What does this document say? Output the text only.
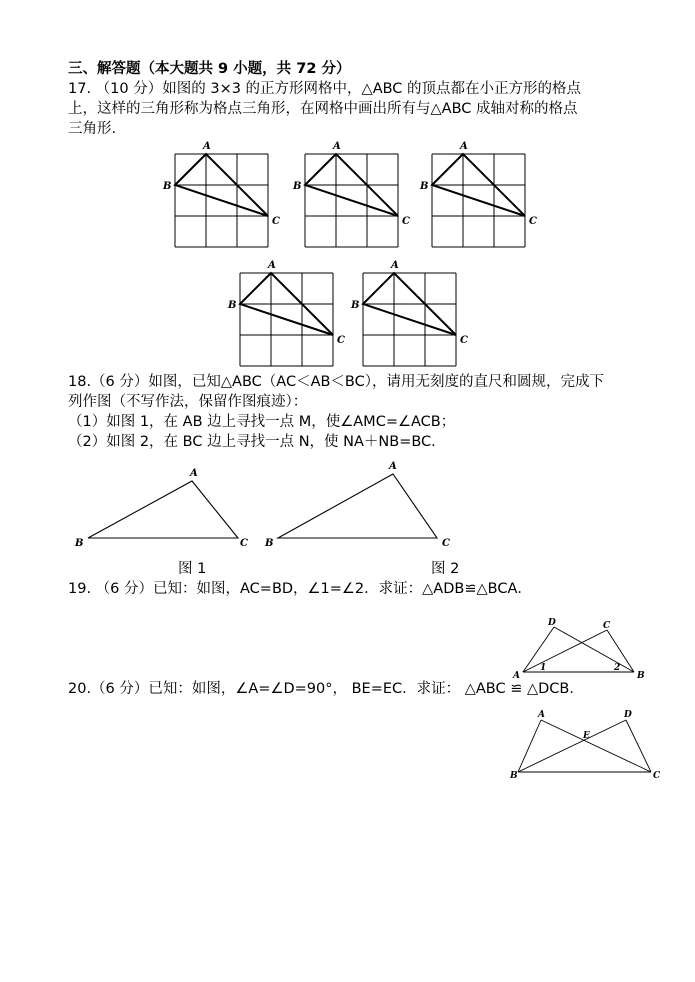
三、解答题（本大题共 9 小题，共 72 分）
17. （10 分）如图的 3×3 的正方形网格中，△ABC 的顶点都在小正方形的格点
上，这样的三角形称为格点三角形，在网格中画出所有与△ABC 成轴对称的格点
三角形.
A
B
C
A
B
C
A
B
C
A
B
C
A
B
C
18.（6 分）如图，已知△ABC（AC＜AB＜BC），请用无刻度的直尺和圆规，完成下
列作图（不写作法，保留作图痕迹）：
（1）如图 1，在 AB 边上寻找一点 M，使∠AMC=∠ACB；
（2）如图 2，在 BC 边上寻找一点 N，使 NA＋NB=BC.
A
B	C
A
B	C
图 1	图 2
19. （6 分）已知：如图，AC=BD，∠1=∠2．求证：△ADB≌△BCA．
D	C
A	B
1	2
20.（6 分）已知：如图，∠A=∠D=90°， BE=EC．求证： △ABC ≌ △DCB．
A	D
E
B	C
